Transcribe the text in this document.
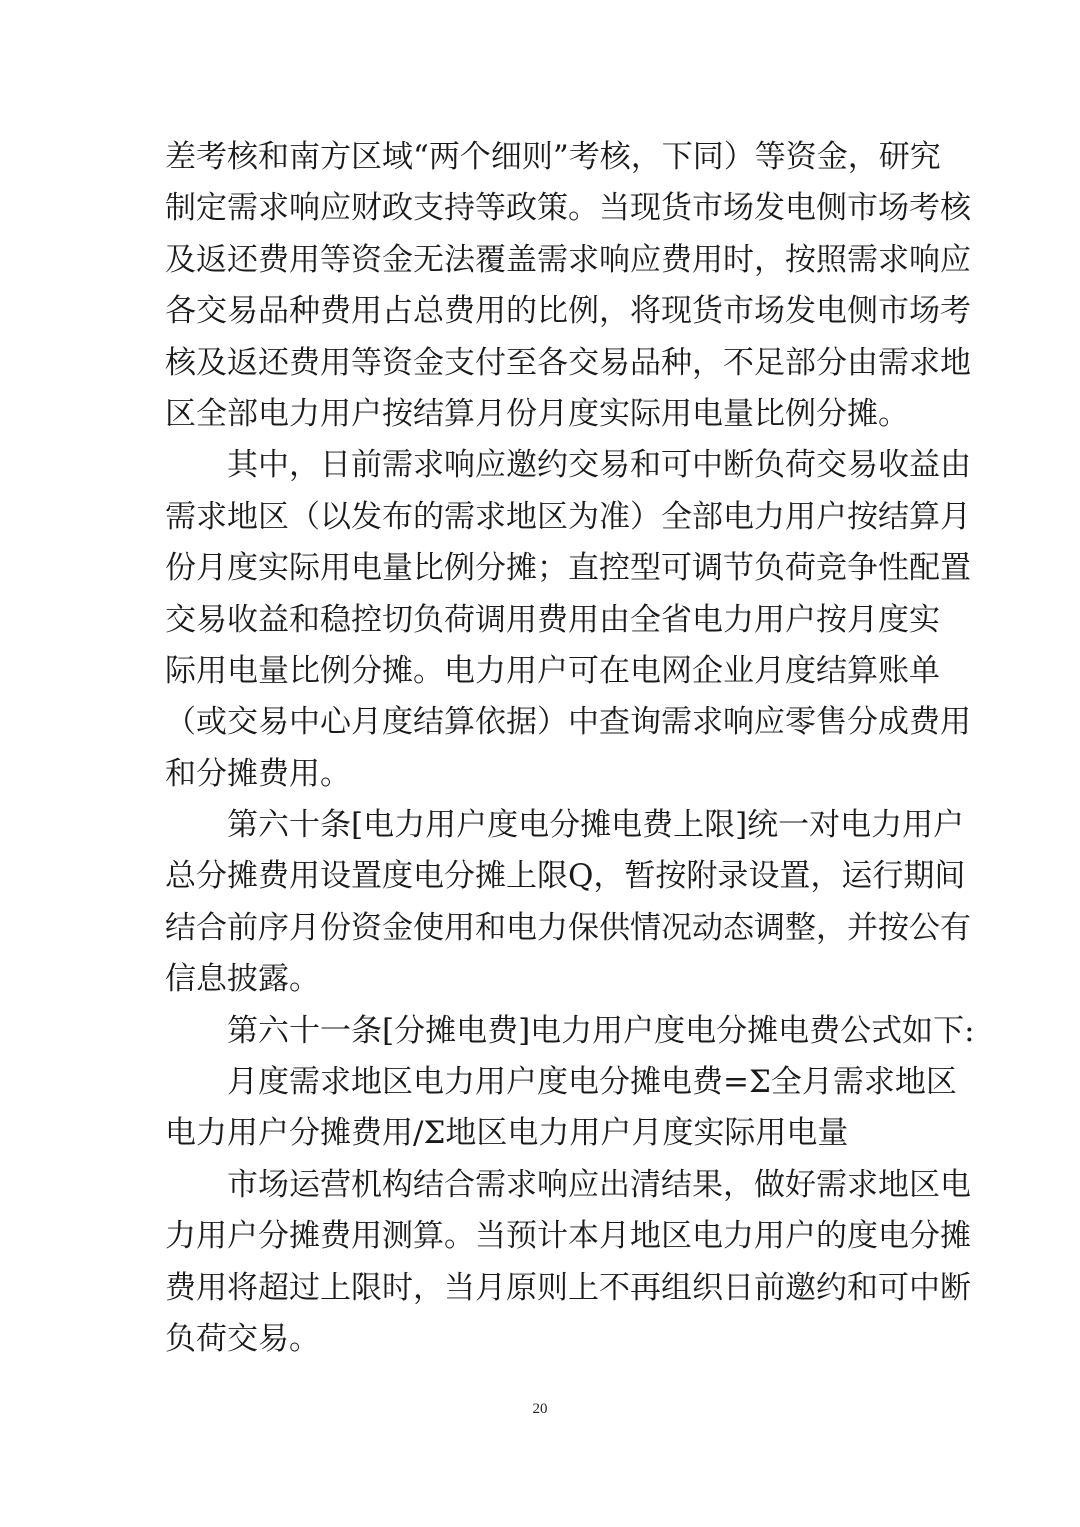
差考核和南方区域“两个细则”考核，下同）等资金，研究
制定需求响应财政支持等政策。当现货市场发电侧市场考核
及返还费用等资金无法覆盖需求响应费用时，按照需求响应
各交易品种费用占总费用的比例，将现货市场发电侧市场考
核及返还费用等资金支付至各交易品种，不足部分由需求地
区全部电力用户按结算月份月度实际用电量比例分摊。
　　其中，日前需求响应邀约交易和可中断负荷交易收益由
需求地区（以发布的需求地区为准）全部电力用户按结算月
份月度实际用电量比例分摊；直控型可调节负荷竞争性配置
交易收益和稳控切负荷调用费用由全省电力用户按月度实
际用电量比例分摊。电力用户可在电网企业月度结算账单
（或交易中心月度结算依据）中查询需求响应零售分成费用
和分摊费用。
　　第六十条[电力用户度电分摊电费上限]统一对电力用户
总分摊费用设置度电分摊上限Q，暂按附录设置，运行期间
结合前序月份资金使用和电力保供情况动态调整，并按公有
信息披露。
　　第六十一条[分摊电费]电力用户度电分摊电费公式如下:
　　月度需求地区电力用户度电分摊电费=Σ全月需求地区
电力用户分摊费用/Σ地区电力用户月度实际用电量
　　市场运营机构结合需求响应出清结果，做好需求地区电
力用户分摊费用测算。当预计本月地区电力用户的度电分摊
费用将超过上限时，当月原则上不再组织日前邀约和可中断
负荷交易。
20
